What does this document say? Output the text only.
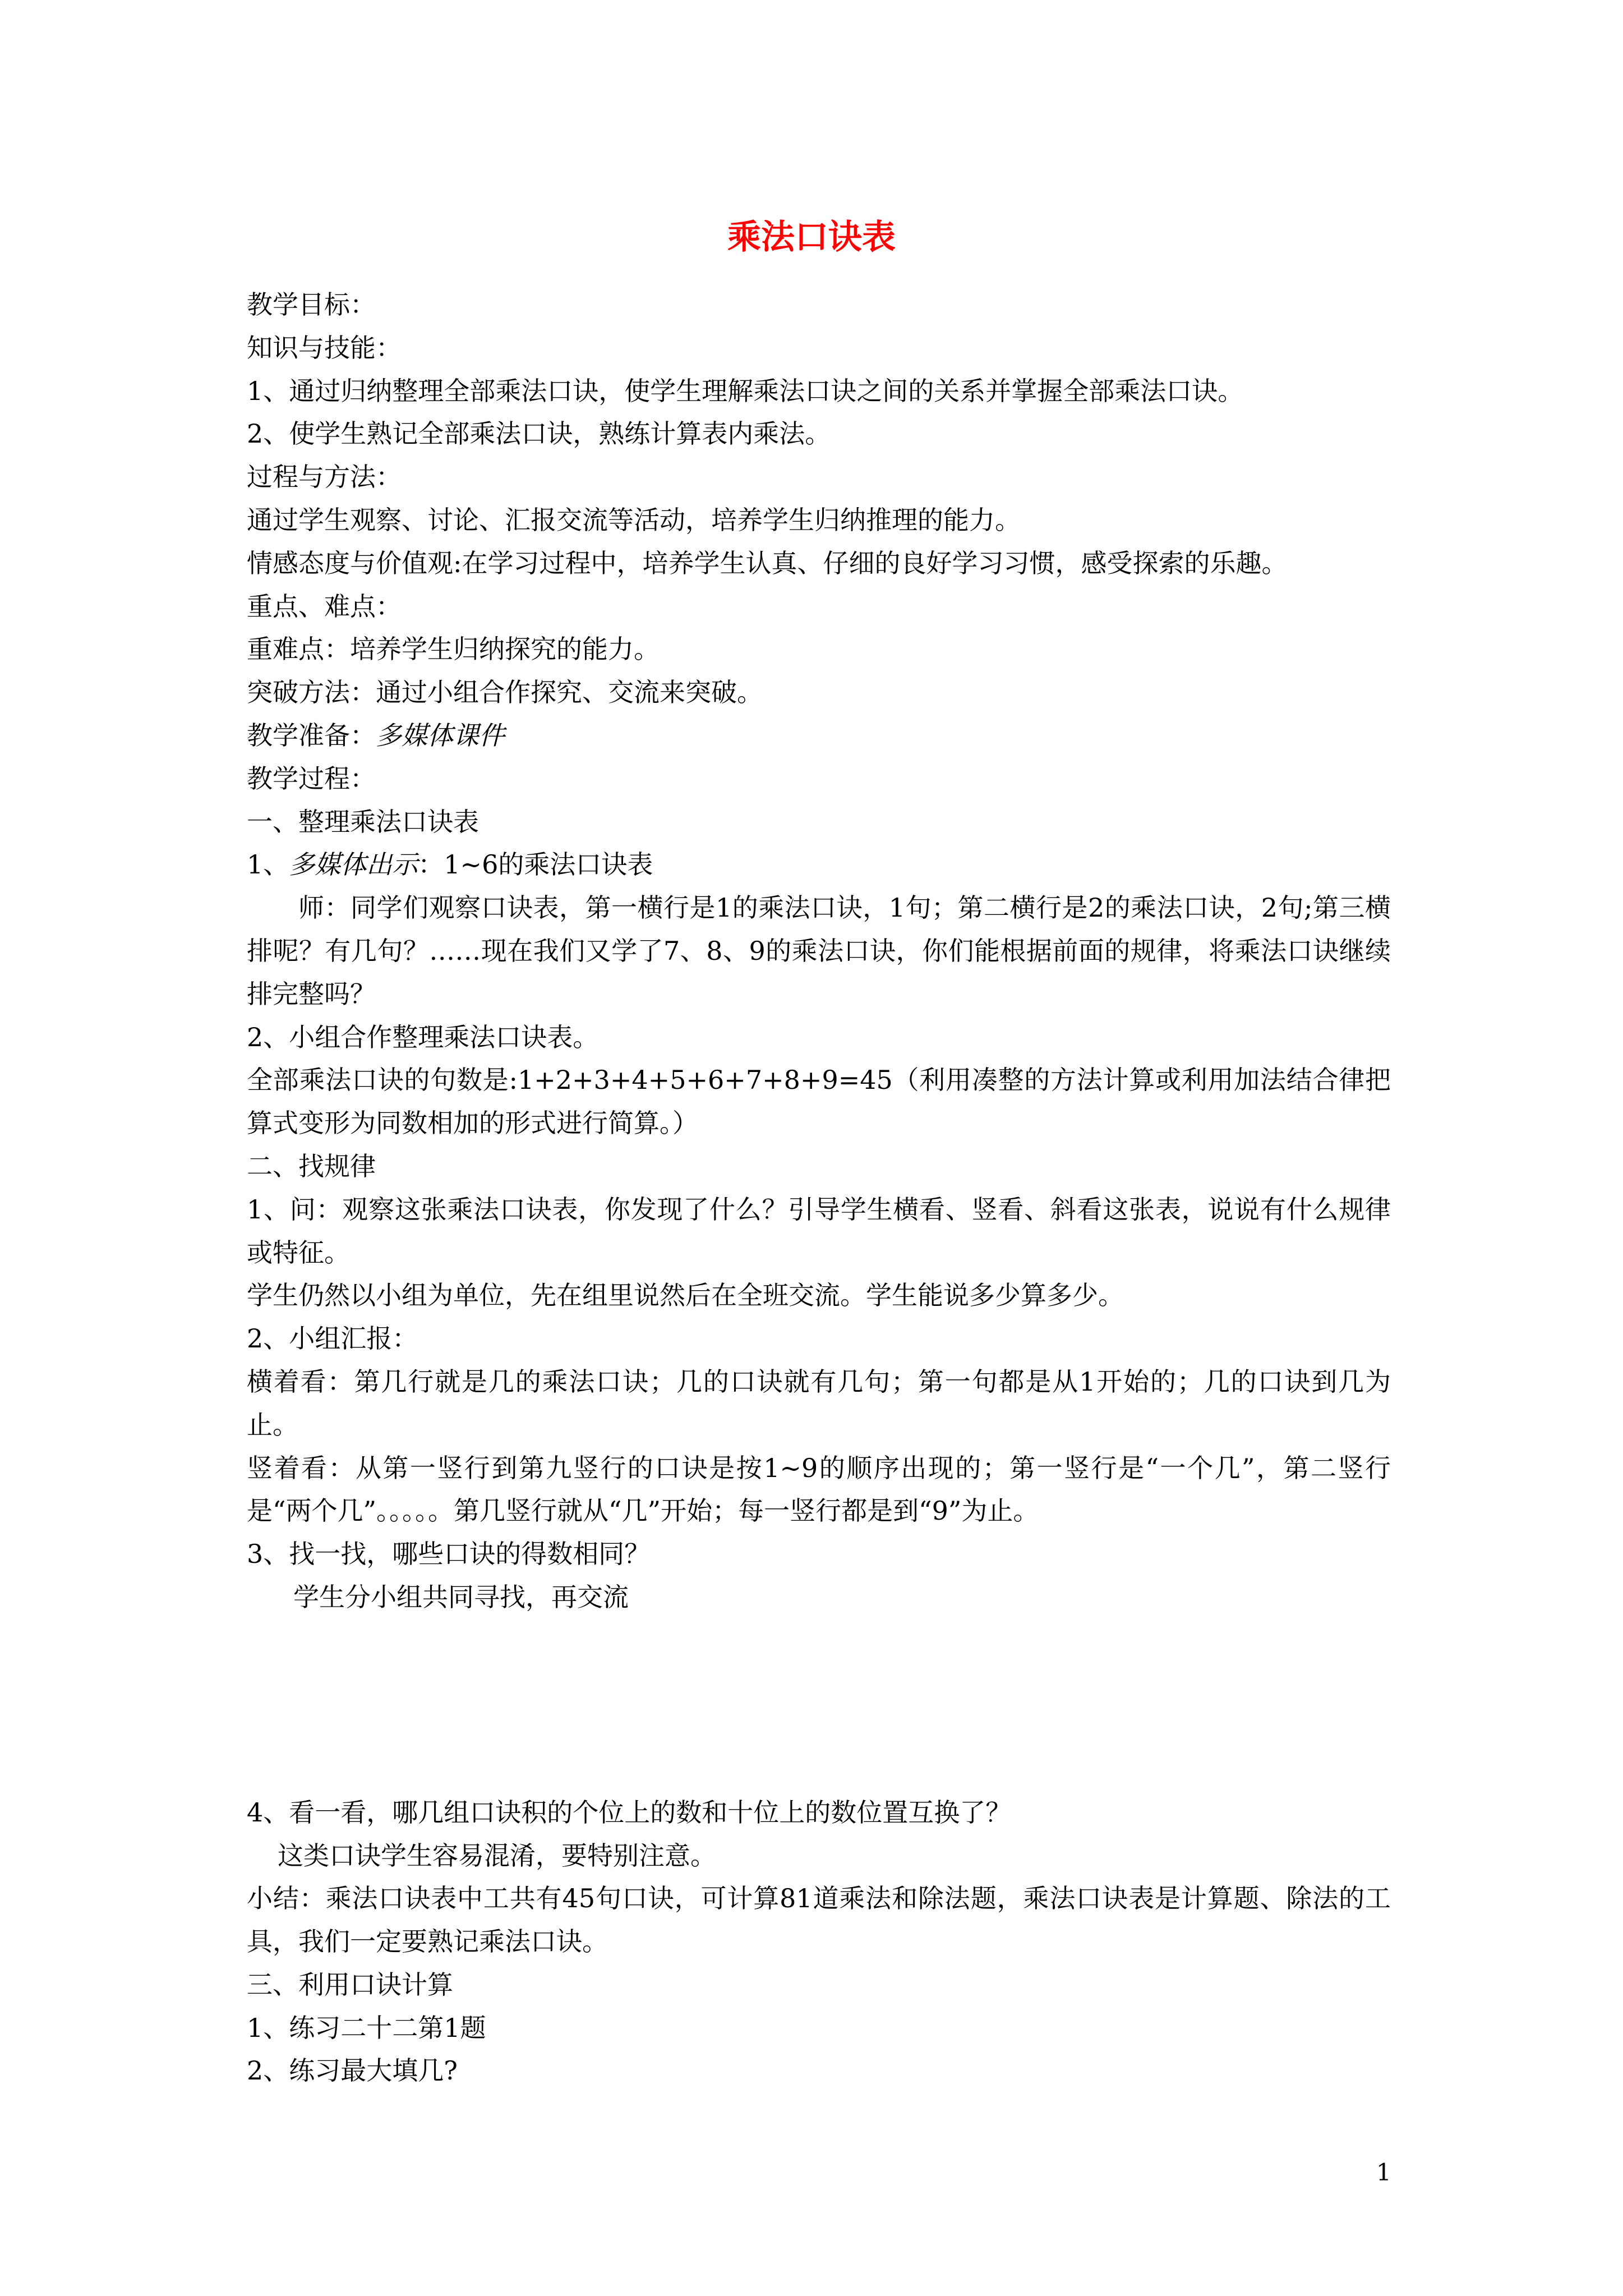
乘法口诀表

教学目标：

知识与技能：

1、通过归纳整理全部乘法口诀，使学生理解乘法口诀之间的关系并掌握全部乘法口诀。

2、使学生熟记全部乘法口诀，熟练计算表内乘法。

过程与方法：

通过学生观察、讨论、汇报交流等活动，培养学生归纳推理的能力。

情感态度与价值观:在学习过程中，培养学生认真、仔细的良好学习习惯，感受探索的乐趣。

重点、难点：

重难点：培养学生归纳探究的能力。

突破方法：通过小组合作探究、交流来突破。

教学准备：多媒体课件

教学过程：

一、整理乘法口诀表

1、多媒体出示：1~6的乘法口诀表

师：同学们观察口诀表，第一横行是1的乘法口诀，1句；第二横行是2的乘法口诀，2句;第三横排呢？有几句？……现在我们又学了7、8、9的乘法口诀，你们能根据前面的规律，将乘法口诀继续排完整吗？

2、小组合作整理乘法口诀表。

全部乘法口诀的句数是:1+2+3+4+5+6+7+8+9=45（利用凑整的方法计算或利用加法结合律把算式变形为同数相加的形式进行简算。）

二、找规律

1、问：观察这张乘法口诀表，你发现了什么？引导学生横看、竖看、斜看这张表，说说有什么规律或特征。

学生仍然以小组为单位，先在组里说然后在全班交流。学生能说多少算多少。

2、小组汇报：

横着看：第几行就是几的乘法口诀；几的口诀就有几句；第一句都是从1开始的；几的口诀到几为止。

竖着看：从第一竖行到第九竖行的口诀是按1~9的顺序出现的；第一竖行是“一个几”，第二竖行是“两个几”。。。。。第几竖行就从“几”开始；每一竖行都是到“9”为止。

3、找一找，哪些口诀的得数相同？

学生分小组共同寻找，再交流

4、看一看，哪几组口诀积的个位上的数和十位上的数位置互换了？

这类口诀学生容易混淆，要特别注意。

小结：乘法口诀表中工共有45句口诀，可计算81道乘法和除法题，乘法口诀表是计算题、除法的工具，我们一定要熟记乘法口诀。

三、利用口诀计算

1、练习二十二第1题

2、练习最大填几?

1
